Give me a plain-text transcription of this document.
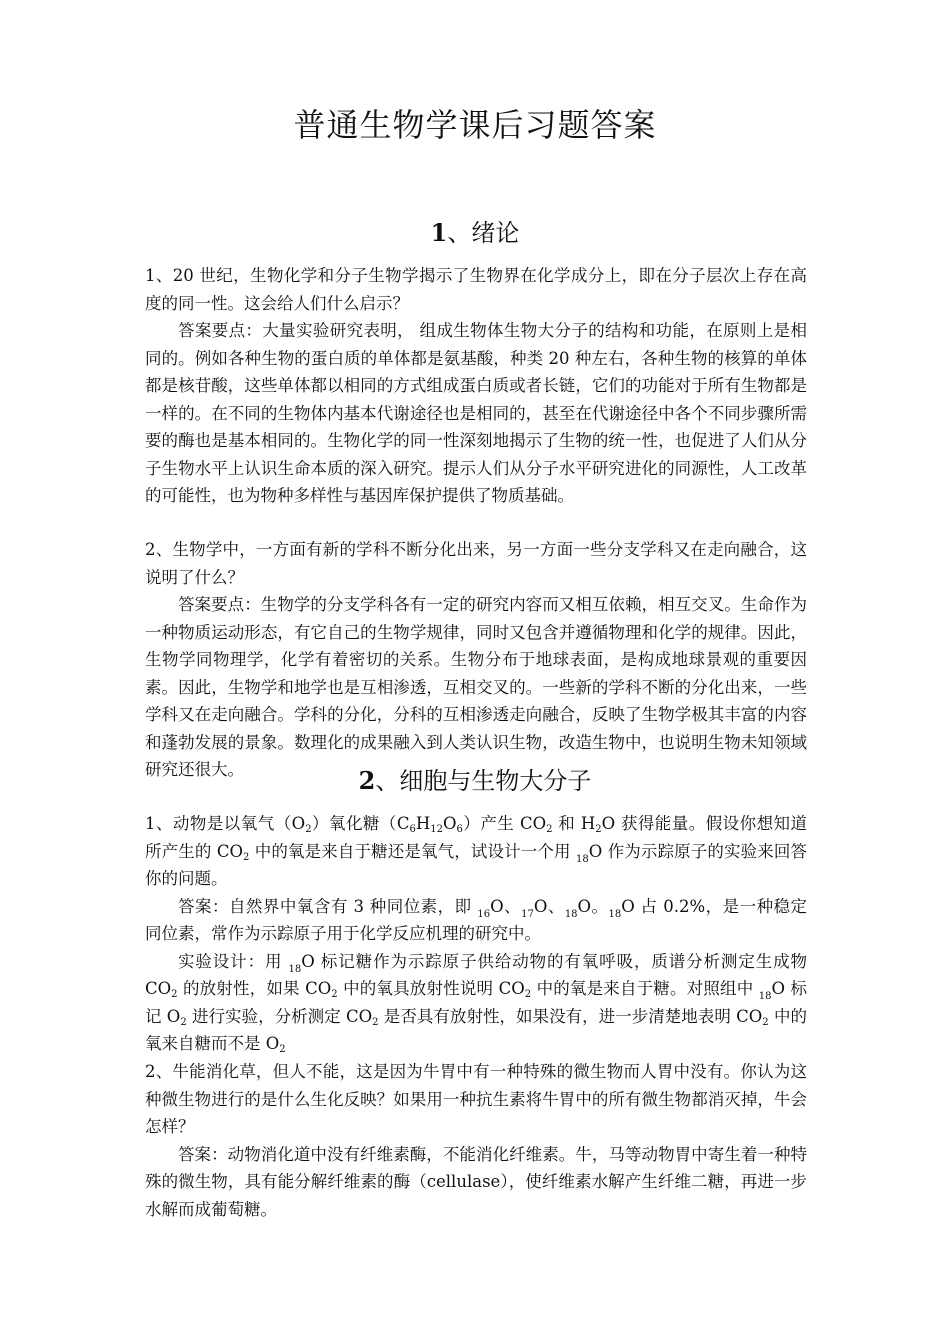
普通生物学课后习题答案
1、绪论

1、20 世纪，生物化学和分子生物学揭示了生物界在化学成分上，即在分子层次上存在高度的同一性。这会给人们什么启示？

答案要点：大量实验研究表明， 组成生物体生物大分子的结构和功能，在原则上是相同的。例如各种生物的蛋白质的单体都是氨基酸，种类 20 种左右，各种生物的核算的单体都是核苷酸，这些单体都以相同的方式组成蛋白质或者长链，它们的功能对于所有生物都是一样的。在不同的生物体内基本代谢途径也是相同的，甚至在代谢途径中各个不同步骤所需要的酶也是基本相同的。生物化学的同一性深刻地揭示了生物的统一性，也促进了人们从分子生物水平上认识生命本质的深入研究。提示人们从分子水平研究进化的同源性，人工改革的可能性，也为物种多样性与基因库保护提供了物质基础。

2、生物学中，一方面有新的学科不断分化出来，另一方面一些分支学科又在走向融合，这说明了什么？

答案要点：生物学的分支学科各有一定的研究内容而又相互依赖，相互交叉。生命作为一种物质运动形态，有它自己的生物学规律，同时又包含并遵循物理和化学的规律。因此，生物学同物理学，化学有着密切的关系。生物分布于地球表面，是构成地球景观的重要因素。因此，生物学和地学也是互相渗透，互相交叉的。一些新的学科不断的分化出来，一些学科又在走向融合。学科的分化，分科的互相渗透走向融合，反映了生物学极其丰富的内容和蓬勃发展的景象。数理化的成果融入到人类认识生物，改造生物中，也说明生物未知领域研究还很大。	2、细胞与生物大分子

1、动物是以氧气$(O_2)$氧化糖$(C_6H_{12}O_6)$产生 $CO_2$ 和 $H_2O$ 获得能量。假设你想知道所产生的 $CO_2$ 中的氧是来自于糖还是氧气，试设计一个用 $_{18}$O 作为示踪原子的实验来回答你的问题。

答案：自然界中氧含有 3 种同位素，即 $_{16}$O、$_{17}$O、$_{18}$O。$_{18}$O 占 0.2%，是一种稳定同位素，常作为示踪原子用于化学反应机理的研究中。

实验设计：用 $_{18}$O 标记糖作为示踪原子供给动物的有氧呼吸，质谱分析测定生成物 $CO_2$ 的放射性，如果 $CO_2$ 中的氧具放射性说明 $CO_2$ 中的氧是来自于糖。对照组中 $_{18}$O 标记 $O_2$ 进行实验，分析测定 $CO_2$ 是否具有放射性，如果没有，进一步清楚地表明 $CO_2$ 中的氧来自糖而不是 $O_2$

2、牛能消化草，但人不能，这是因为牛胃中有一种特殊的微生物而人胃中没有。你认为这种微生物进行的是什么生化反映？如果用一种抗生素将牛胃中的所有微生物都消灭掉，牛会怎样？

答案：动物消化道中没有纤维素酶，不能消化纤维素。牛，马等动物胃中寄生着一种特殊的微生物，具有能分解纤维素的酶（cellulase），使纤维素水解产生纤维二糖，再进一步水解而成葡萄糖。
